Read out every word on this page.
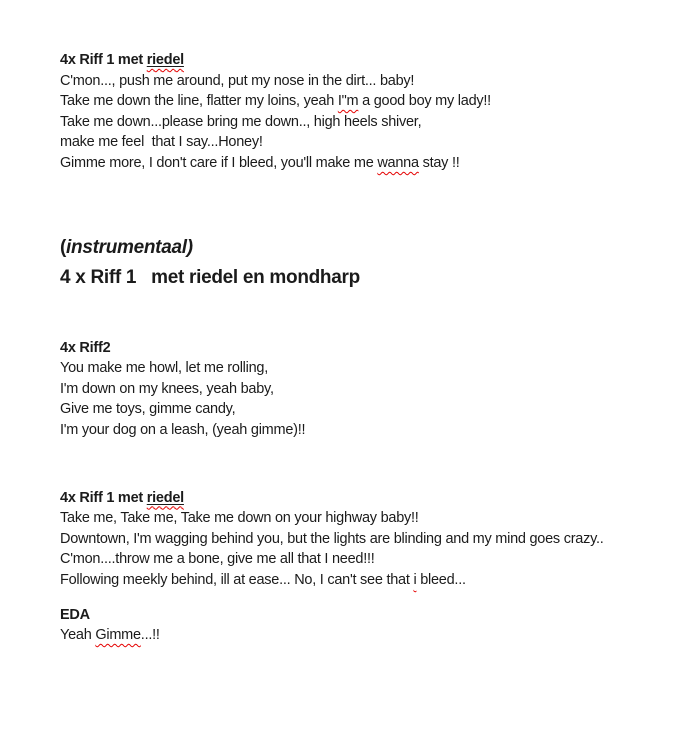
4x Riff 1 met riedel
C'mon..., push me around, put my nose in the dirt... baby!
Take me down the line, flatter my loins, yeah I"m a good boy my lady!!
Take me down...please bring me down.., high heels shiver,
make me feel  that I say...Honey!
Gimme more, I don't care if I bleed, you'll make me wanna stay !!
(instrumentaal)
4 x Riff 1   met riedel en mondharp
4x Riff2
You make me howl, let me rolling,
I'm down on my knees, yeah baby,
Give me toys, gimme candy,
I'm your dog on a leash, (yeah gimme)!!
4x Riff 1 met riedel
Take me, Take me, Take me down on your highway baby!!
Downtown, I'm wagging behind you, but the lights are blinding and my mind goes crazy..
C'mon....throw me a bone, give me all that I need!!!
Following meekly behind, ill at ease... No, I can't see that i bleed...
EDA
Yeah Gimme...!!
